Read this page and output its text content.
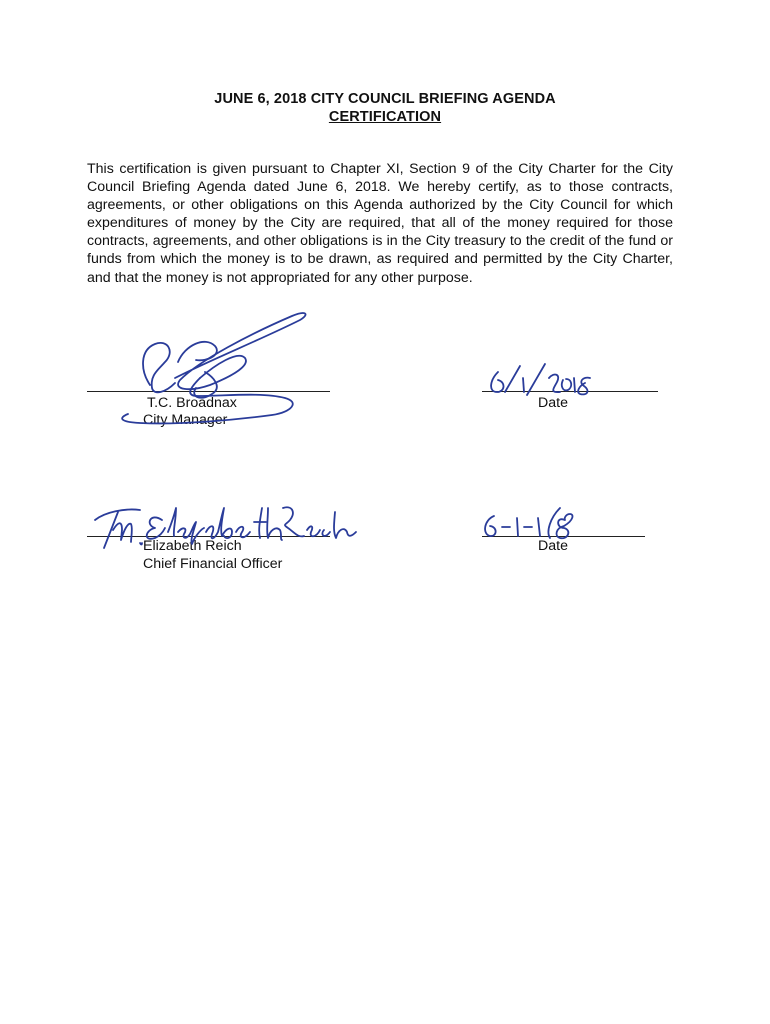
JUNE 6, 2018 CITY COUNCIL BRIEFING AGENDA
CERTIFICATION
This certification is given pursuant to Chapter XI, Section 9 of the City Charter for the City Council Briefing Agenda dated June 6, 2018. We hereby certify, as to those contracts, agreements, or other obligations on this Agenda authorized by the City Council for which expenditures of money by the City are required, that all of the money required for those contracts, agreements, and other obligations is in the City treasury to the credit of the fund or funds from which the money is to be drawn, as required and permitted by the City Charter, and that the money is not appropriated for any other purpose.
T.C. Broadnax
City Manager
Date
Elizabeth Reich
Chief Financial Officer
Date
